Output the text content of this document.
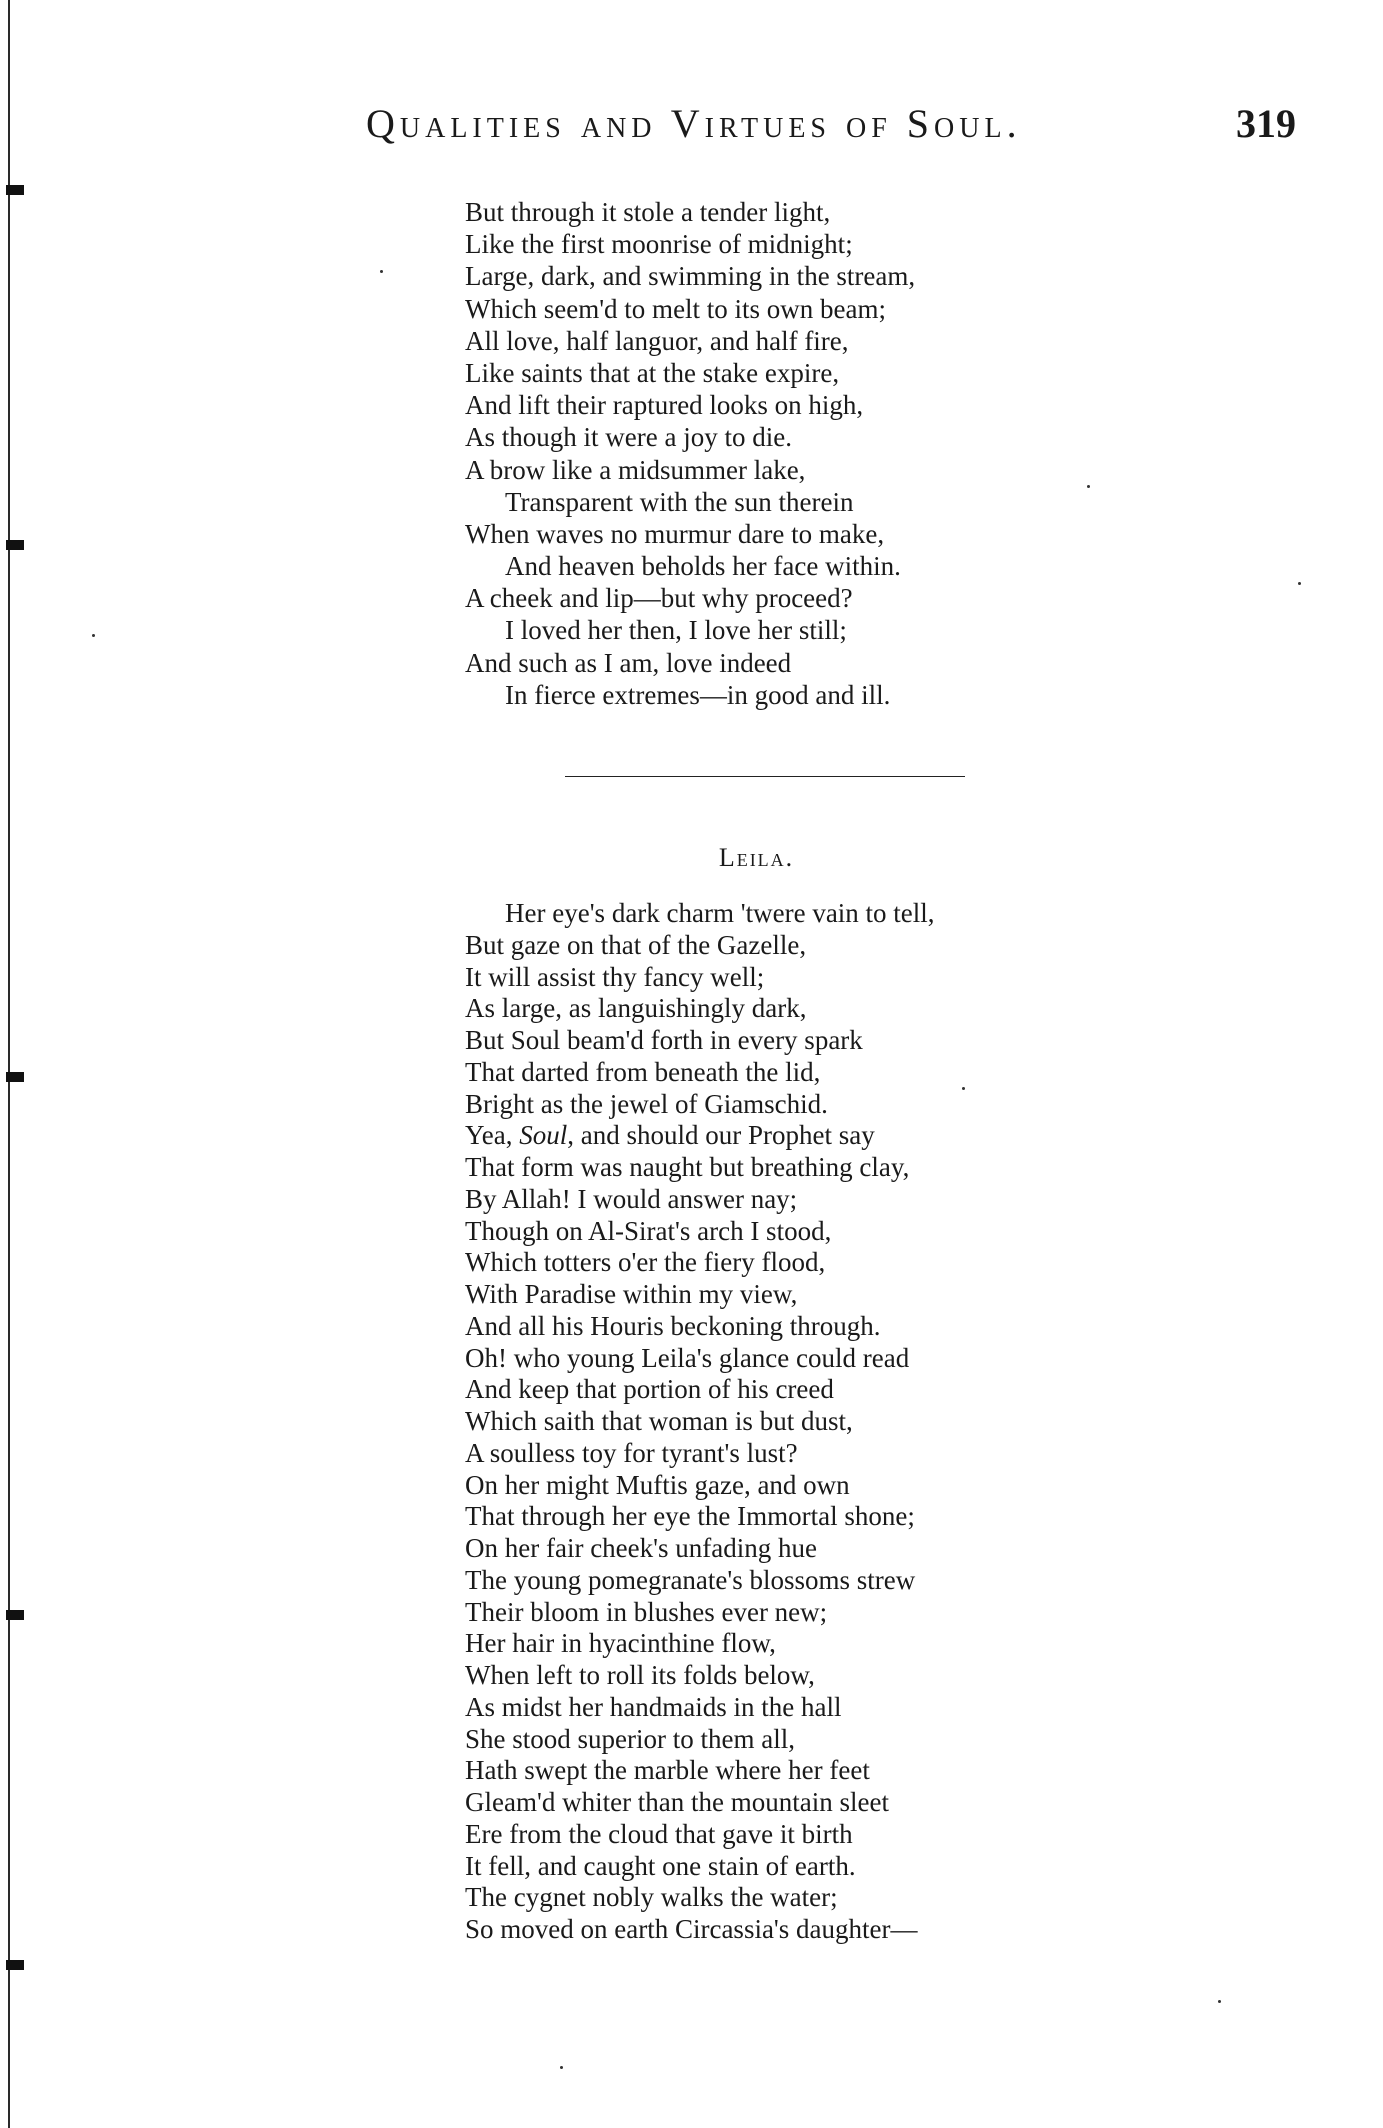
Qualities and Virtues of Soul.	319
But through it stole a tender light,
Like the first moonrise of midnight;
Large, dark, and swimming in the stream,
Which seem'd to melt to its own beam;
All love, half languor, and half fire,
Like saints that at the stake expire,
And lift their raptured looks on high,
As though it were a joy to die.
A brow like a midsummer lake,
Transparent with the sun therein
When waves no murmur dare to make,
And heaven beholds her face within.
A cheek and lip—but why proceed?
I loved her then, I love her still;
And such as I am, love indeed
In fierce extremes—in good and ill.
Leila.
Her eye's dark charm 'twere vain to tell,
But gaze on that of the Gazelle,
It will assist thy fancy well;
As large, as languishingly dark,
But Soul beam'd forth in every spark
That darted from beneath the lid,
Bright as the jewel of Giamschid.
Yea, Soul, and should our Prophet say
That form was naught but breathing clay,
By Allah! I would answer nay;
Though on Al-Sirat's arch I stood,
Which totters o'er the fiery flood,
With Paradise within my view,
And all his Houris beckoning through.
Oh! who young Leila's glance could read
And keep that portion of his creed
Which saith that woman is but dust,
A soulless toy for tyrant's lust?
On her might Muftis gaze, and own
That through her eye the Immortal shone;
On her fair cheek's unfading hue
The young pomegranate's blossoms strew
Their bloom in blushes ever new;
Her hair in hyacinthine flow,
When left to roll its folds below,
As midst her handmaids in the hall
She stood superior to them all,
Hath swept the marble where her feet
Gleam'd whiter than the mountain sleet
Ere from the cloud that gave it birth
It fell, and caught one stain of earth.
The cygnet nobly walks the water;
So moved on earth Circassia's daughter—
